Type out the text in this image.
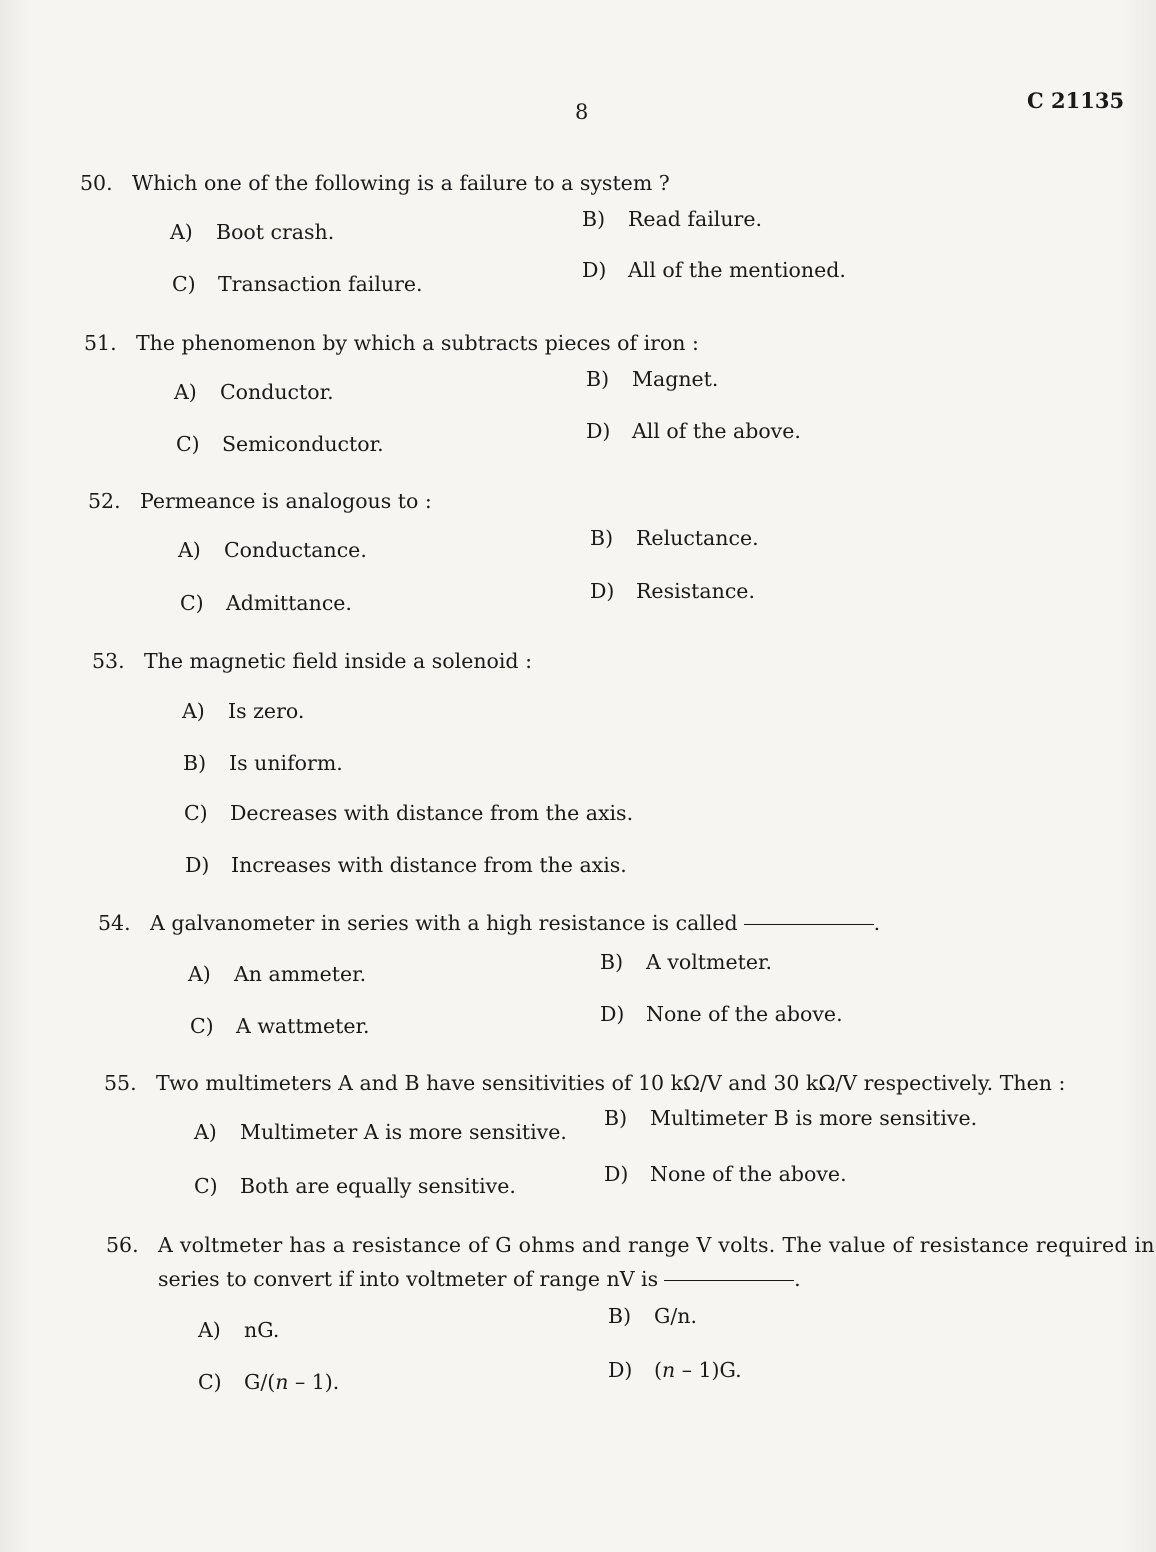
8	C 21135
50. Which one of the following is a failure to a system ?
A) Boot crash.
B) Read failure.
C) Transaction failure.
D) All of the mentioned.
51. The phenomenon by which a subtracts pieces of iron :
A) Conductor.
B) Magnet.
C) Semiconductor.
D) All of the above.
52. Permeance is analogous to :
A) Conductance.	B) Reluctance.
C) Admittance.	D) Resistance.
53. The magnetic field inside a solenoid :
A) Is zero.
B) Is uniform.
C) Decreases with distance from the axis.
D) Increases with distance from the axis.
54. A galvanometer in series with a high resistance is called	.
A) An ammeter.	B) A voltmeter.
C) A wattmeter.	D) None of the above.
55. Two multimeters A and B have sensitivities of 10 kΩ/V and 30 kΩ/V respectively. Then :
A) Multimeter A is more sensitive.
B) Multimeter B is more sensitive.
C) Both are equally sensitive.	D) None of the above.
56. A voltmeter has a resistance of G ohms and range V volts. The value of resistance required in
series to convert if into voltmeter of range nV is	.
A) nG.
B) G/n.
C) G/(n – 1).	D) (n – 1)G.
